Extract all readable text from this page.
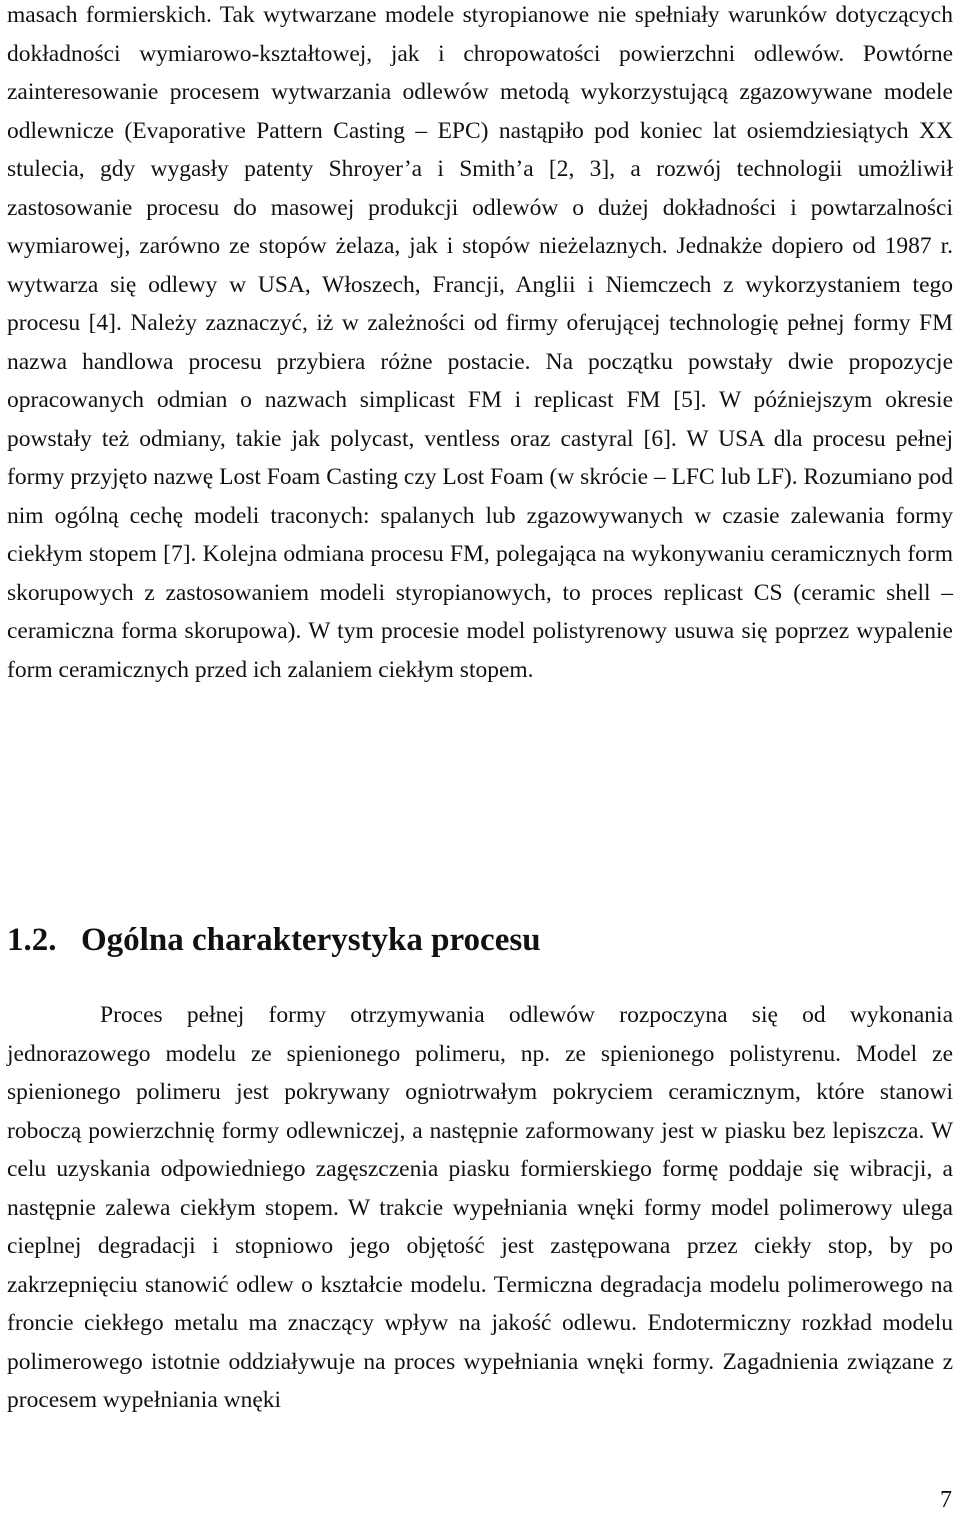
masach formierskich. Tak wytwarzane modele styropianowe nie spełniały warunków dotyczących dokładności wymiarowo-kształtowej, jak i chropowatości powierzchni odlewów. Powtórne zainteresowanie procesem wytwarzania odlewów metodą wykorzystującą zgazowywane modele odlewnicze (Evaporative Pattern Casting – EPC) nastąpiło pod koniec lat osiemdziesiątych XX stulecia, gdy wygasły patenty Shroyer’a i Smith’a [2, 3], a rozwój technologii umożliwił zastosowanie procesu do masowej produkcji odlewów o dużej dokładności i powtarzalności wymiarowej, zarówno ze stopów żelaza, jak i stopów nieżelaznych. Jednakże dopiero od 1987 r. wytwarza się odlewy w USA, Włoszech, Francji, Anglii i Niemczech z wykorzystaniem tego procesu [4]. Należy zaznaczyć, iż w zależności od firmy oferującej technologię pełnej formy FM nazwa handlowa procesu przybiera różne postacie. Na początku powstały dwie propozycje opracowanych odmian o nazwach simplicast FM i replicast FM [5]. W późniejszym okresie powstały też odmiany, takie jak polycast, ventless oraz castyral [6]. W USA dla procesu pełnej formy przyjęto nazwę Lost Foam Casting czy Lost Foam (w skrócie – LFC lub LF). Rozumiano pod nim ogólną cechę modeli traconych: spalanych lub zgazowywanych w czasie zalewania formy ciekłym stopem [7]. Kolejna odmiana procesu FM, polegająca na wykonywaniu ceramicznych form skorupowych z zastosowaniem modeli styropianowych, to proces replicast CS (ceramic shell – ceramiczna forma skorupowa). W tym procesie model polistyrenowy usuwa się poprzez wypalenie form ceramicznych przed ich zalaniem ciekłym stopem.

1.2. Ogólna charakterystyka procesu

Proces pełnej formy otrzymywania odlewów rozpoczyna się od wykonania jednorazowego modelu ze spienionego polimeru, np. ze spienionego polistyrenu. Model ze spienionego polimeru jest pokrywany ogniotrwałym pokryciem ceramicznym, które stanowi roboczą powierzchnię formy odlewniczej, a następnie zaformowany jest w piasku bez lepiszcza. W celu uzyskania odpowiedniego zagęszczenia piasku formierskiego formę poddaje się wibracji, a następnie zalewa ciekłym stopem. W trakcie wypełniania wnęki formy model polimerowy ulega cieplnej degradacji i stopniowo jego objętość jest zastępowana przez ciekły stop, by po zakrzepnięciu stanowić odlew o kształcie modelu. Termiczna degradacja modelu polimerowego na froncie ciekłego metalu ma znaczący wpływ na jakość odlewu. Endotermiczny rozkład modelu polimerowego istotnie oddziaływuje na proces wypełniania wnęki formy. Zagadnienia związane z procesem wypełniania wnęki

7
